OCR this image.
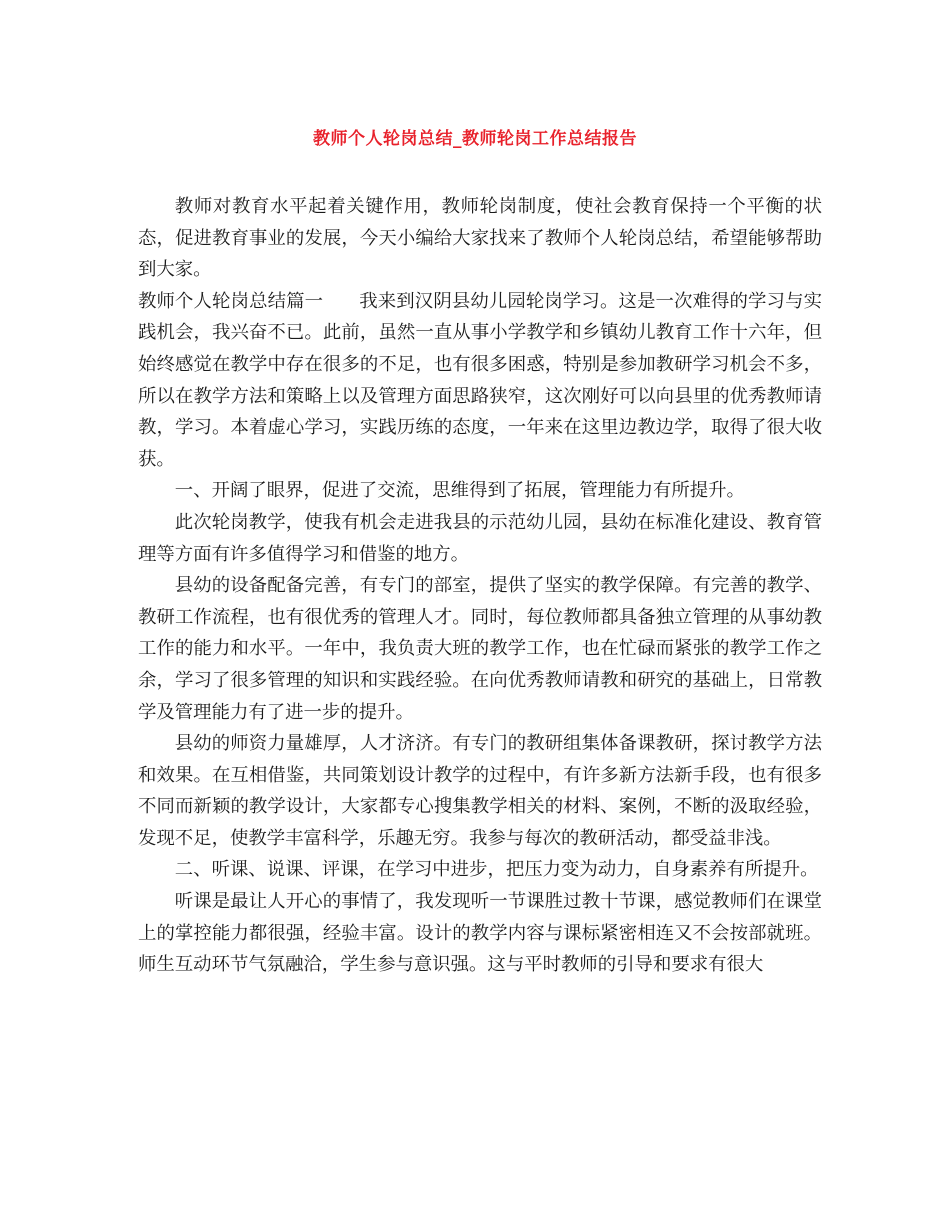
教师个人轮岗总结_教师轮岗工作总结报告

教师对教育水平起着关键作用，教师轮岗制度，使社会教育保持一个平衡的状态，促进教育事业的发展，今天小编给大家找来了教师个人轮岗总结，希望能够帮助到大家。

教师个人轮岗总结篇一 我来到汉阴县幼儿园轮岗学习。这是一次难得的学习与实践机会，我兴奋不已。此前，虽然一直从事小学教学和乡镇幼儿教育工作十六年，但始终感觉在教学中存在很多的不足，也有很多困惑，特别是参加教研学习机会不多，所以在教学方法和策略上以及管理方面思路狭窄，这次刚好可以向县里的优秀教师请教，学习。本着虚心学习，实践历练的态度，一年来在这里边教边学，取得了很大收获。

一、开阔了眼界，促进了交流，思维得到了拓展，管理能力有所提升。

此次轮岗教学，使我有机会走进我县的示范幼儿园，县幼在标准化建设、教育管理等方面有许多值得学习和借鉴的地方。

县幼的设备配备完善，有专门的部室，提供了坚实的教学保障。有完善的教学、教研工作流程，也有很优秀的管理人才。同时，每位教师都具备独立管理的从事幼教工作的能力和水平。一年中，我负责大班的教学工作，也在忙碌而紧张的教学工作之余，学习了很多管理的知识和实践经验。在向优秀教师请教和研究的基础上，日常教学及管理能力有了进一步的提升。

县幼的师资力量雄厚，人才济济。有专门的教研组集体备课教研，探讨教学方法和效果。在互相借鉴，共同策划设计教学的过程中，有许多新方法新手段，也有很多不同而新颖的教学设计，大家都专心搜集教学相关的材料、案例，不断的汲取经验，发现不足，使教学丰富科学，乐趣无穷。我参与每次的教研活动，都受益非浅。

二、听课、说课、评课，在学习中进步，把压力变为动力，自身素养有所提升。

听课是最让人开心的事情了，我发现听一节课胜过教十节课，感觉教师们在课堂上的掌控能力都很强，经验丰富。设计的教学内容与课标紧密相连又不会按部就班。师生互动环节气氛融洽，学生参与意识强。这与平时教师的引导和要求有很大
